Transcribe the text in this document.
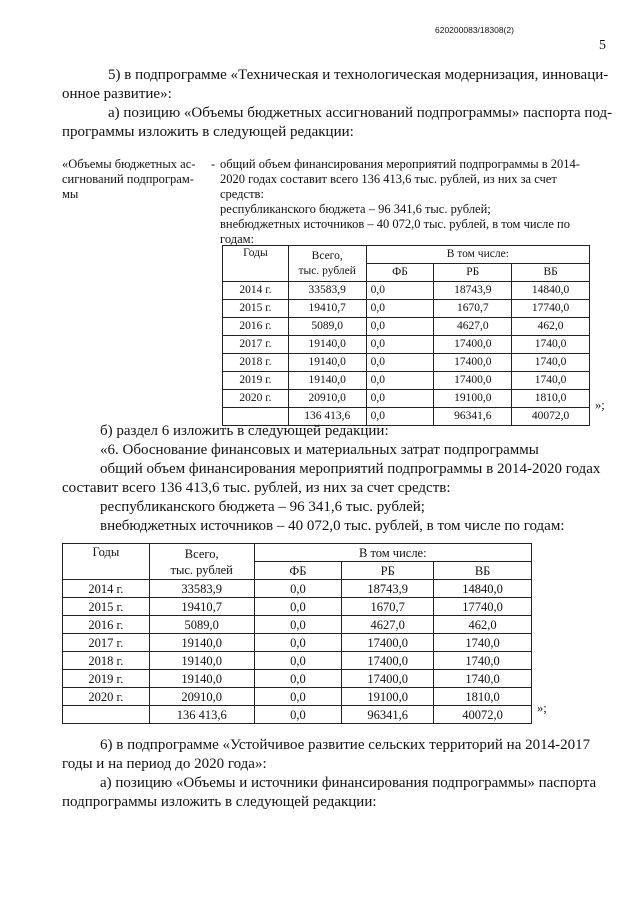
620200083/18308(2)
5
5) в подпрограмме «Техническая и технологическая модернизация, инноваци-
онное развитие»:
а) позицию «Объемы бюджетных ассигнований подпрограммы» паспорта под-
программы изложить в следующей редакции:
«Объемы бюджетных ас-
сигнований подпрограм-
мы
- общий объем финансирования мероприятий подпрограммы в 2014-
2020 годах составит всего 136 413,6 тыс. рублей, из них за счет
средств:
республиканского бюджета – 96 341,6 тыс. рублей;
внебюджетных источников – 40 072,0 тыс. рублей, в том числе по
годам:
Годы	Всего,
тыс. рублей	В том числе:		
		ФБ	РБ	ВБ
2014 г.	33583,9	0,0	18743,9	14840,0
2015 г.	19410,7	0,0	1670,7	17740,0
2016 г.	5089,0	0,0	4627,0	462,0
2017 г.	19140,0	0,0	17400,0	1740,0
2018 г.	19140,0	0,0	17400,0	1740,0
2019 г.	19140,0	0,0	17400,0	1740,0
2020 г.	20910,0	0,0	19100,0	1810,0
	136 413,6	0,0	96341,6	40072,0
»;
б) раздел 6 изложить в следующей редакции:
«6. Обоснование финансовых и материальных затрат подпрограммы
общий объем финансирования мероприятий подпрограммы в 2014-2020 годах
составит всего 136 413,6 тыс. рублей, из них за счет средств:
республиканского бюджета – 96 341,6 тыс. рублей;
внебюджетных источников – 40 072,0 тыс. рублей, в том числе по годам:
Годы	Всего,
тыс. рублей	В том числе:		
		ФБ	РБ	ВБ
2014 г.	33583,9	0,0	18743,9	14840,0
2015 г.	19410,7	0,0	1670,7	17740,0
2016 г.	5089,0	0,0	4627,0	462,0
2017 г.	19140,0	0,0	17400,0	1740,0
2018 г.	19140,0	0,0	17400,0	1740,0
2019 г.	19140,0	0,0	17400,0	1740,0
2020 г.	20910,0	0,0	19100,0	1810,0
	136 413,6	0,0	96341,6	40072,0	»;
6) в подпрограмме «Устойчивое развитие сельских территорий на 2014-2017
годы и на период до 2020 года»:
а) позицию «Объемы и источники финансирования подпрограммы» паспорта
подпрограммы изложить в следующей редакции:
